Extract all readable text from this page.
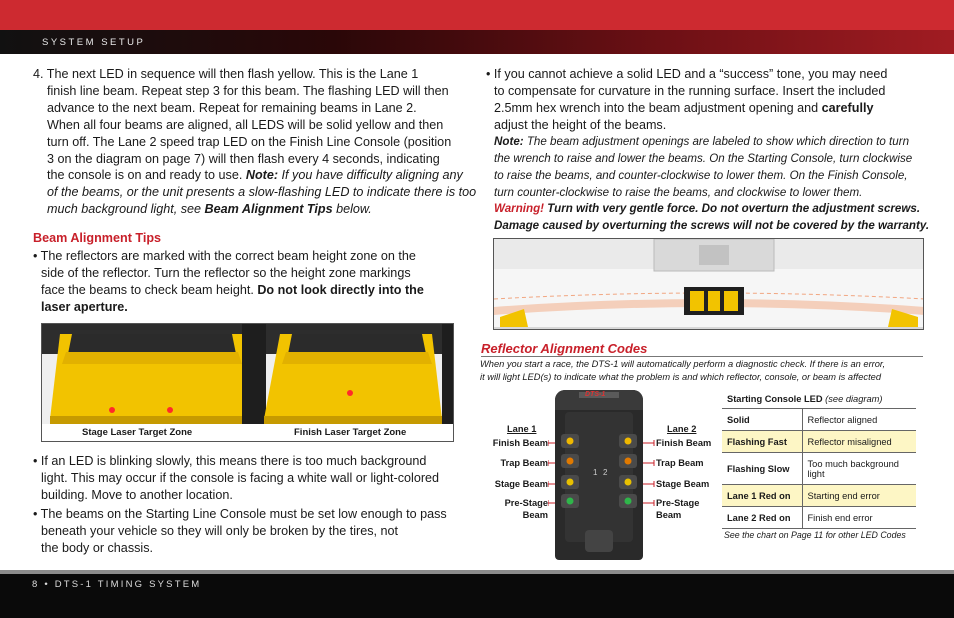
SYSTEM SETUP
4. The next LED in sequence will then flash yellow. This is the Lane 1
finish line beam. Repeat step 3 for this beam. The flashing LED will then
advance to the next beam. Repeat for remaining beams in Lane 2.
When all four beams are aligned, all LEDS will be solid yellow and then
turn off. The Lane 2 speed trap LED on the Finish Line Console (position
3 on the diagram on page 7) will then flash every 4 seconds, indicating
the console is on and ready to use. Note: If you have difficulty aligning any
of the beams, or the unit presents a slow-flashing LED to indicate there is too
much background light, see Beam Alignment Tips below.
Beam Alignment Tips
• The reflectors are marked with the correct beam height zone on the
side of the reflector. Turn the reflector so the height zone markings
face the beams to check beam height. Do not look directly into the
laser aperture.
Stage Laser Target Zone	Finish Laser Target Zone
• If an LED is blinking slowly, this means there is too much background
light. This may occur if the console is facing a white wall or light-colored
building. Move to another location.
• The beams on the Starting Line Console must be set low enough to pass
beneath your vehicle so they will only be broken by the tires, not
the body or chassis.
• If you cannot achieve a solid LED and a “success” tone, you may need
to compensate for curvature in the running surface. Insert the included
2.5mm hex wrench into the beam adjustment opening and carefully
adjust the height of the beams.
Note: The beam adjustment openings are labeled to show which direction to turn
the wrench to raise and lower the beams. On the Starting Console, turn clockwise
to raise the beams, and counter-clockwise to lower them. On the Finish Console,
turn counter-clockwise to raise the beams, and clockwise to lower them.
Warning! Turn with very gentle force. Do not overturn the adjustment screws.
Damage caused by overturning the screws will not be covered by the warranty.
Reflector Alignment Codes
When you start a race, the DTS-1 will automatically perform a diagnostic check. If there is an error,
it will light LED(s) to indicate what the problem is and which reflector, console, or beam is affected
Lane 1	Lane 2
Finish Beam
Trap Beam
Stage Beam
Pre-Stage
Beam
Finish Beam
Trap Beam
Stage Beam
Pre-Stage
Beam
DTS-1
1 2
Starting Console LED (see diagram)
Solid	Reflector aligned
Flashing Fast	Reflector misaligned
Flashing Slow	Too much background light
Lane 1 Red on	Starting end error
Lane 2 Red on	Finish end error
See the chart on Page 11 for other LED Codes
8 • DTS-1 TIMING SYSTEM
